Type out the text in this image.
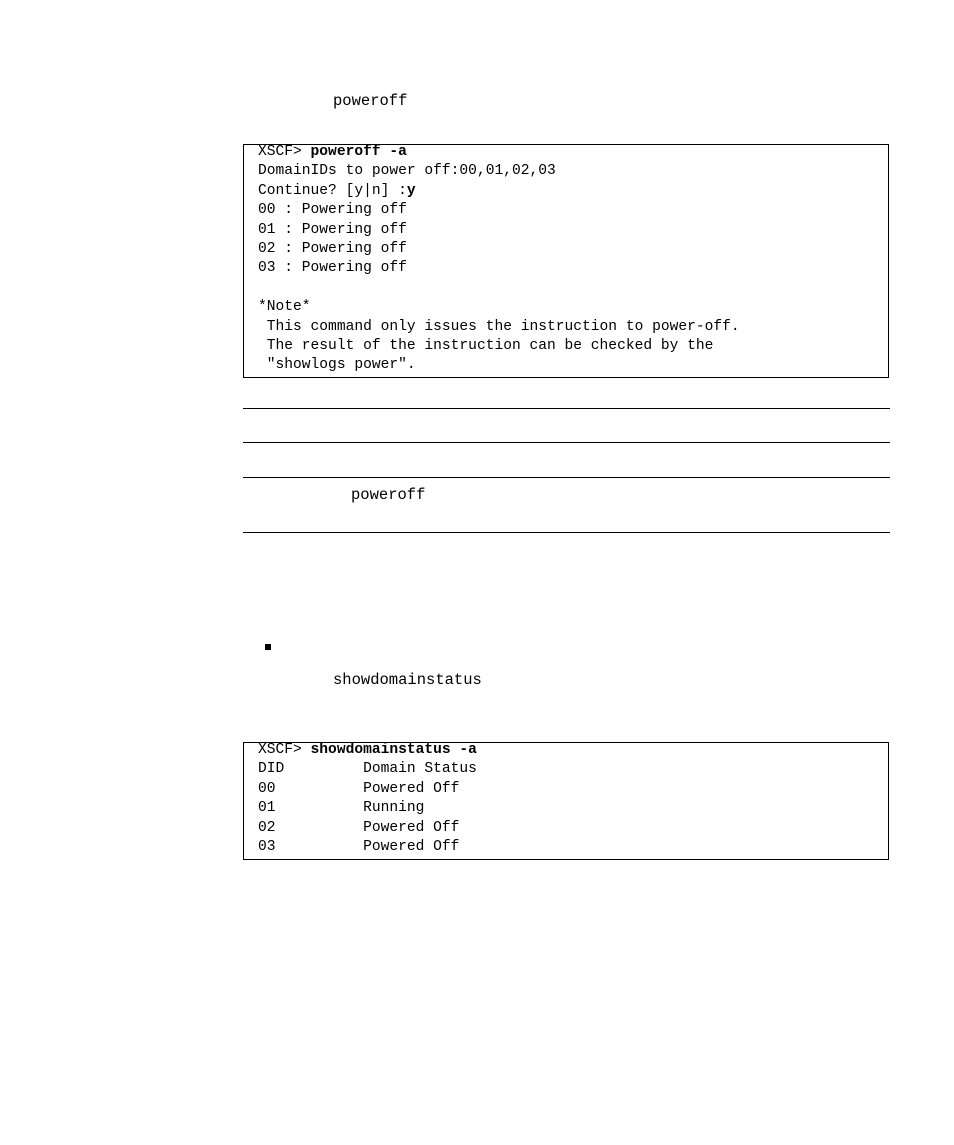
poweroff
XSCF> poweroff -a
DomainIDs to power off:00,01,02,03
Continue? [y|n] :y
00 : Powering off
01 : Powering off
02 : Powering off
03 : Powering off
*Note*
This command only issues the instruction to power-off.
The result of the instruction can be checked by the
"showlogs power".
poweroff
showdomainstatus
XSCF> showdomainstatus -a
DID         Domain Status
00          Powered Off
01          Running
02          Powered Off
03          Powered Off
